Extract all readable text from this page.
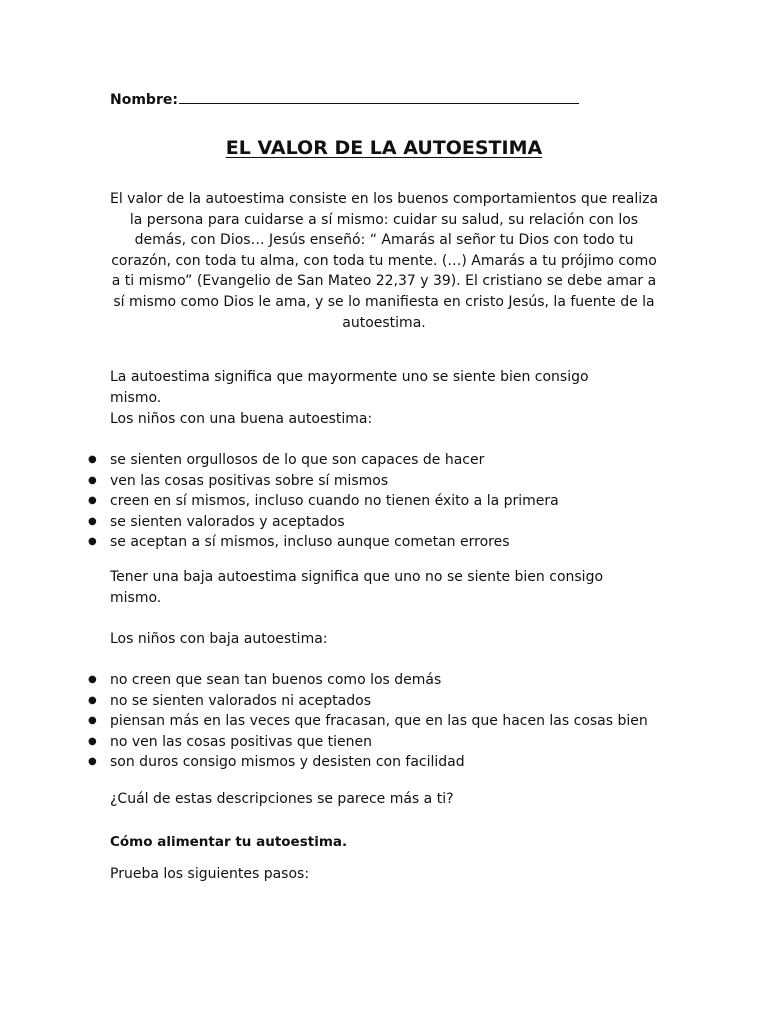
Nombre:
EL VALOR DE LA AUTOESTIMA
El valor de la autoestima consiste en los buenos comportamientos que realiza la persona para cuidarse a sí mismo: cuidar su salud, su relación con los demás, con Dios… Jesús enseñó: “ Amarás al señor tu Dios con todo tu corazón, con toda tu alma, con toda tu mente. (…) Amarás a tu prójimo como a ti mismo” (Evangelio de San Mateo 22,37 y 39). El cristiano se debe amar a sí mismo como Dios le ama, y se lo manifiesta en cristo Jesús, la fuente de la autoestima.
La autoestima significa que mayormente uno se siente bien consigo mismo.
Los niños con una buena autoestima:
● se sienten orgullosos de lo que son capaces de hacer
● ven las cosas positivas sobre sí mismos
● creen en sí mismos, incluso cuando no tienen éxito a la primera
● se sienten valorados y aceptados
● se aceptan a sí mismos, incluso aunque cometan errores
Tener una baja autoestima significa que uno no se siente bien consigo mismo.
Los niños con baja autoestima:
● no creen que sean tan buenos como los demás
● no se sienten valorados ni aceptados
● piensan más en las veces que fracasan, que en las que hacen las cosas bien
● no ven las cosas positivas que tienen
● son duros consigo mismos y desisten con facilidad
¿Cuál de estas descripciones se parece más a ti?
Cómo alimentar tu autoestima.
Prueba los siguientes pasos:
